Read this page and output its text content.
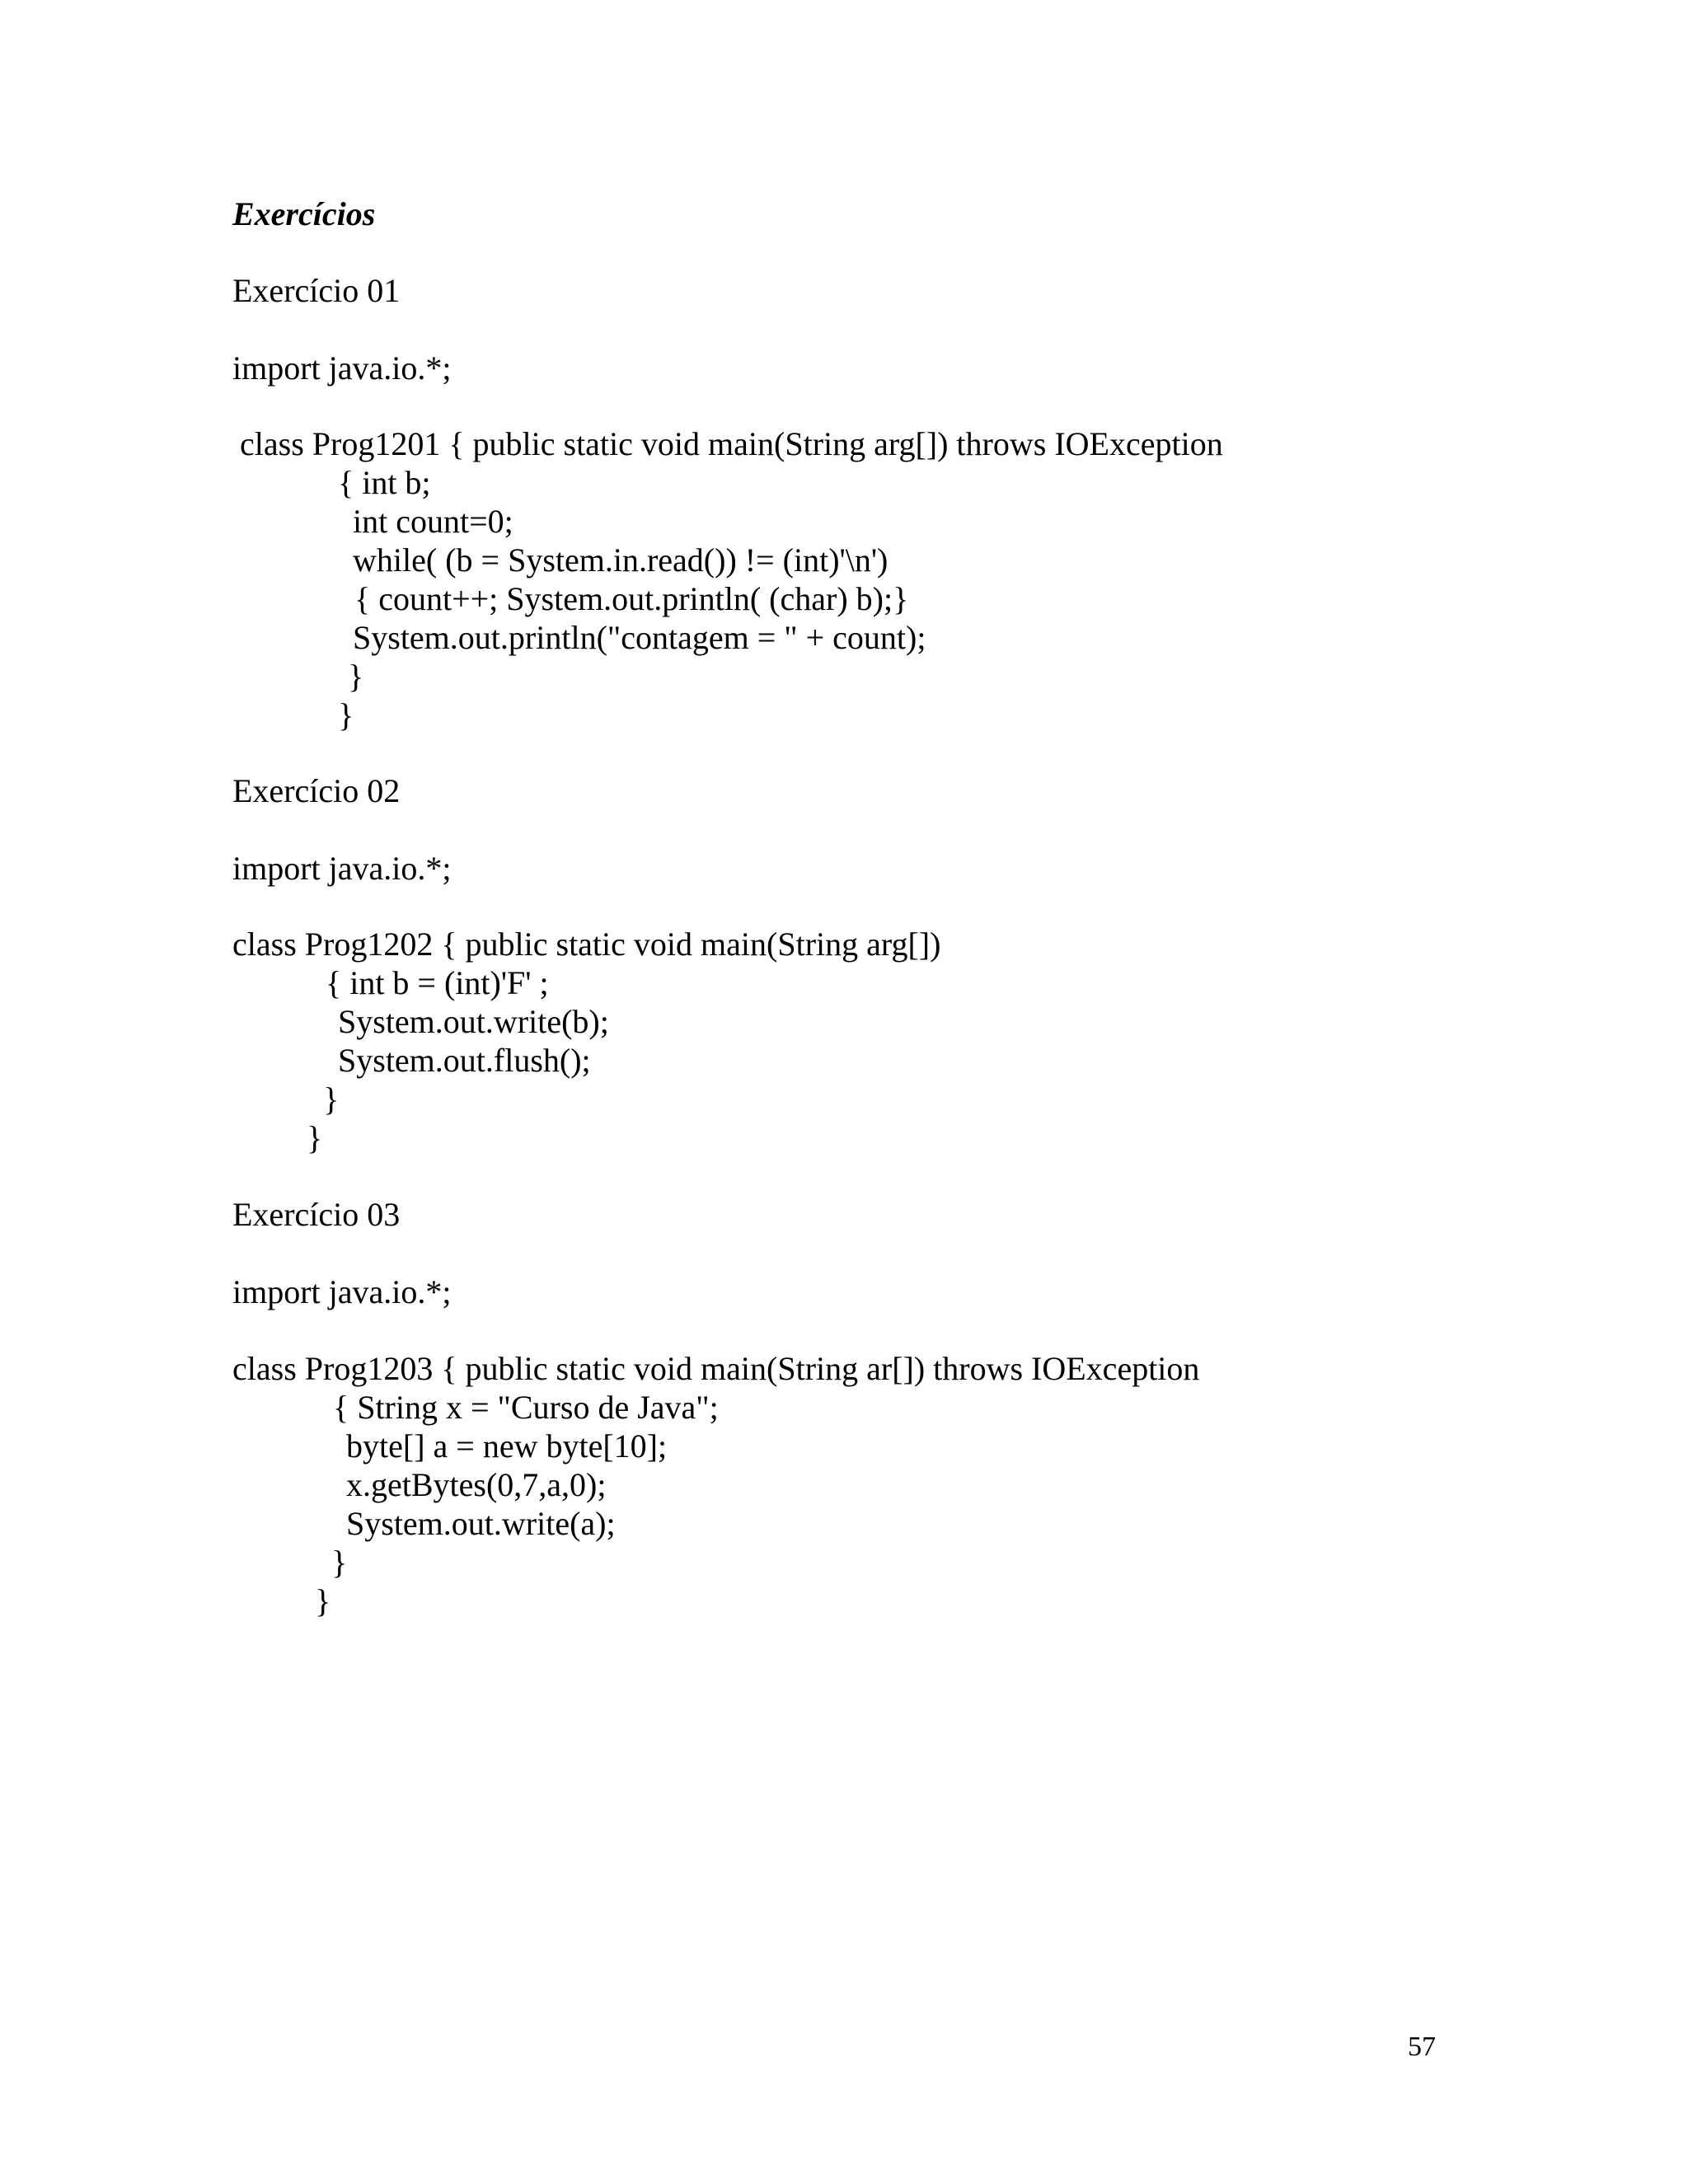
Exercícios

Exercício 01

import java.io.*;

class Prog1201 { public static void main(String arg[]) throws IOException

{ int b;

int count=0;

while( (b = System.in.read()) != (int)'\n')

{ count++; System.out.println( (char) b);}

System.out.println("contagem = " + count);

}

}

Exercício 02

import java.io.*;

class Prog1202 { public static void main(String arg[])

{ int b = (int)'F' ;

System.out.write(b);

System.out.flush();

}

}

Exercício 03

import java.io.*;

class Prog1203 { public static void main(String ar[]) throws IOException

{ String x = "Curso de Java";

byte[] a = new byte[10];

x.getBytes(0,7,a,0);

System.out.write(a);

}

}

57
